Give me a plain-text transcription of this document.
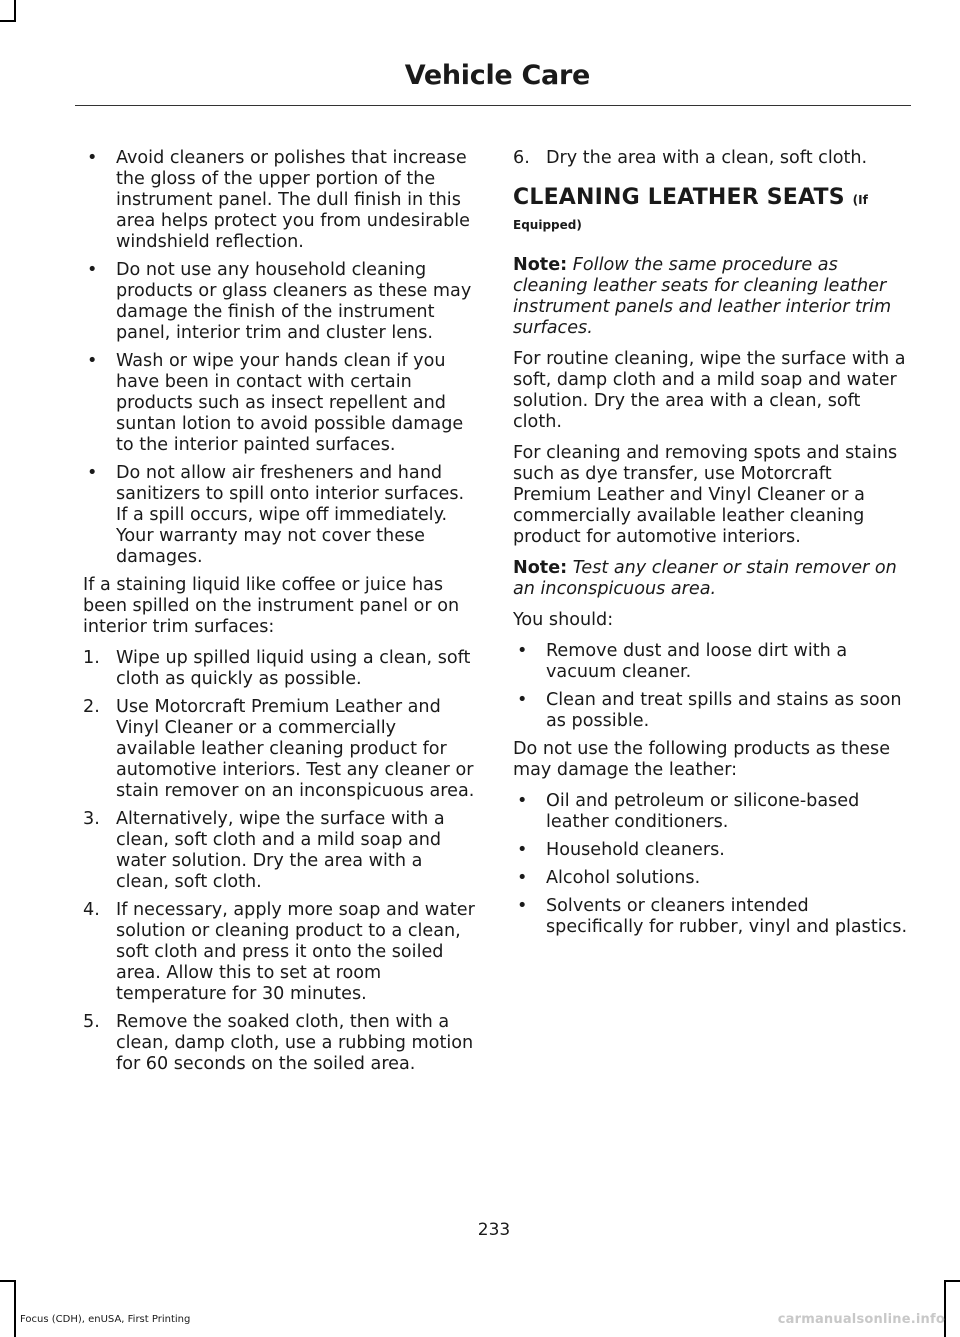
Vehicle Care
• Avoid cleaners or polishes that increase the gloss of the upper portion of the instrument panel. The dull finish in this area helps protect you from undesirable windshield reflection.
• Do not use any household cleaning products or glass cleaners as these may damage the finish of the instrument panel, interior trim and cluster lens.
• Wash or wipe your hands clean if you have been in contact with certain products such as insect repellent and suntan lotion to avoid possible damage to the interior painted surfaces.
• Do not allow air fresheners and hand sanitizers to spill onto interior surfaces. If a spill occurs, wipe off immediately. Your warranty may not cover these damages.

If a staining liquid like coffee or juice has been spilled on the instrument panel or on interior trim surfaces:

1. Wipe up spilled liquid using a clean, soft cloth as quickly as possible.
2. Use Motorcraft Premium Leather and Vinyl Cleaner or a commercially available leather cleaning product for automotive interiors. Test any cleaner or stain remover on an inconspicuous area.
3. Alternatively, wipe the surface with a clean, soft cloth and a mild soap and water solution. Dry the area with a clean, soft cloth.
4. If necessary, apply more soap and water solution or cleaning product to a clean, soft cloth and press it onto the soiled area. Allow this to set at room temperature for 30 minutes.
5. Remove the soaked cloth, then with a clean, damp cloth, use a rubbing motion for 60 seconds on the soiled area.
6. Dry the area with a clean, soft cloth.
CLEANING LEATHER SEATS (If
Equipped)

Note: Follow the same procedure as cleaning leather seats for cleaning leather instrument panels and leather interior trim surfaces.

For routine cleaning, wipe the surface with a soft, damp cloth and a mild soap and water solution. Dry the area with a clean, soft cloth.

For cleaning and removing spots and stains such as dye transfer, use Motorcraft Premium Leather and Vinyl Cleaner or a commercially available leather cleaning product for automotive interiors.

Note: Test any cleaner or stain remover on an inconspicuous area.

You should:

• Remove dust and loose dirt with a vacuum cleaner.
• Clean and treat spills and stains as soon as possible.

Do not use the following products as these may damage the leather:

• Oil and petroleum or silicone-based leather conditioners.
• Household cleaners.
• Alcohol solutions.
• Solvents or cleaners intended specifically for rubber, vinyl and plastics.
233
Focus (CDH), enUSA, First Printing	carmanualsonline.info
